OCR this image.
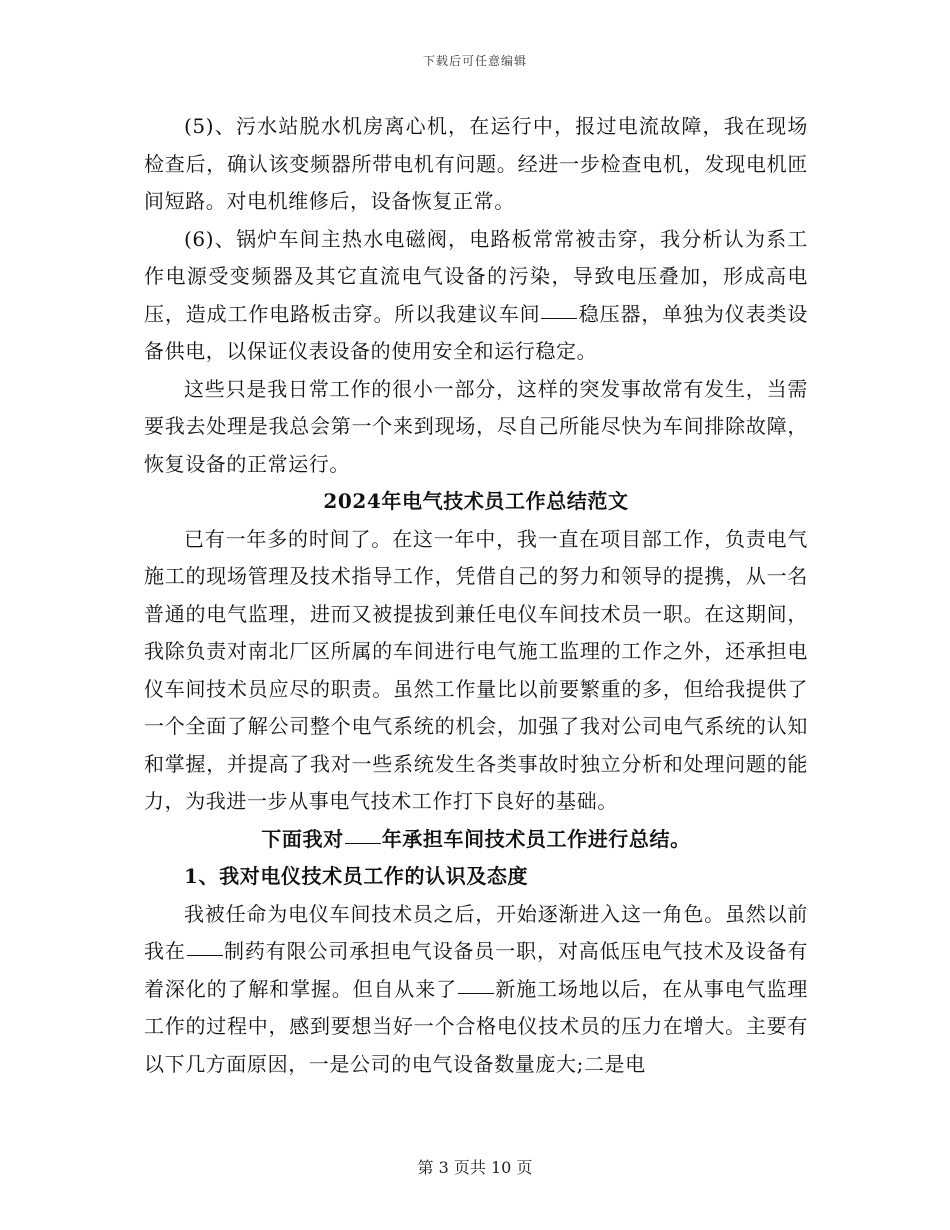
下载后可任意编辑

(5)、污水站脱水机房离心机，在运行中，报过电流故障，我在现场检查后，确认该变频器所带电机有问题。经进一步检查电机，发现电机匝间短路。对电机维修后，设备恢复正常。

(6)、锅炉车间主热水电磁阀，电路板常常被击穿，我分析认为系工作电源受变频器及其它直流电气设备的污染，导致电压叠加，形成高电压，造成工作电路板击穿。所以我建议车间 稳压器，单独为仪表类设备供电，以保证仪表设备的使用安全和运行稳定。

这些只是我日常工作的很小一部分，这样的突发事故常有发生，当需要我去处理是我总会第一个来到现场，尽自己所能尽快为车间排除故障，恢复设备的正常运行。

2024年电气技术员工作总结范文

已有一年多的时间了。在这一年中，我一直在项目部工作，负责电气施工的现场管理及技术指导工作，凭借自己的努力和领导的提携，从一名普通的电气监理，进而又被提拔到兼任电仪车间技术员一职。在这期间，我除负责对南北厂区所属的车间进行电气施工监理的工作之外，还承担电仪车间技术员应尽的职责。虽然工作量比以前要繁重的多，但给我提供了一个全面了解公司整个电气系统的机会，加强了我对公司电气系统的认知和掌握，并提高了我对一些系统发生各类事故时独立分析和处理问题的能力，为我进一步从事电气技术工作打下良好的基础。

下面我对 年承担车间技术员工作进行总结。

1、我对电仪技术员工作的认识及态度

我被任命为电仪车间技术员之后，开始逐渐进入这一角色。虽然以前我在 制药有限公司承担电气设备员一职，对高低压电气技术及设备有着深化的了解和掌握。但自从来了 新施工场地以后，在从事电气监理工作的过程中，感到要想当好一个合格电仪技术员的压力在增大。主要有以下几方面原因，一是公司的电气设备数量庞大;二是电

第 3 页共 10 页
